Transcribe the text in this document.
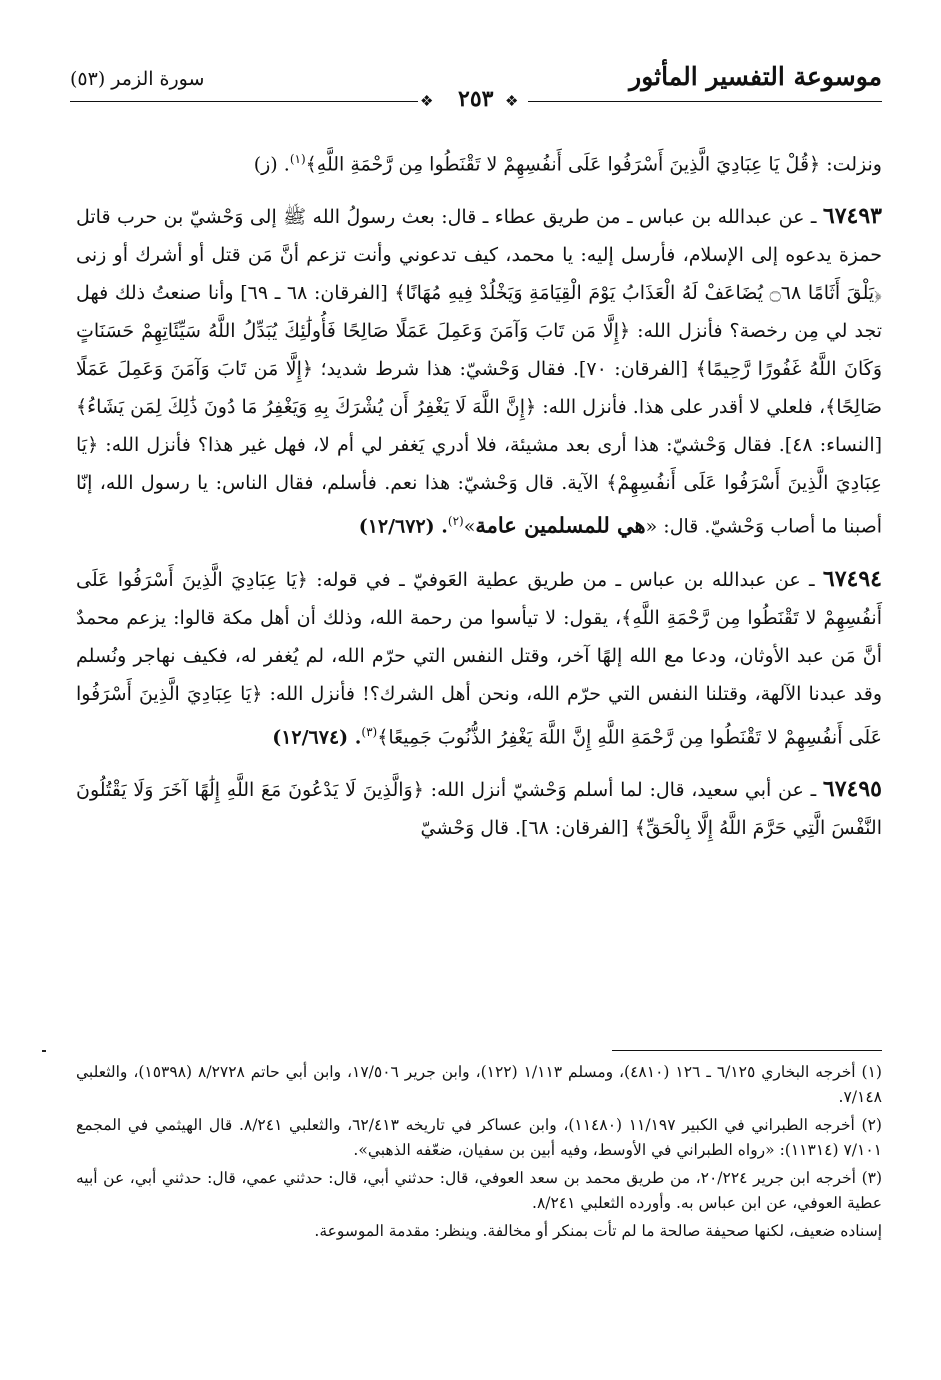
موسوعة التفسير المأثور
٢٥٣
سورة الزمر (٥٣)
❖	❖

ونزلت: ﴿قُلْ يَا عِبَادِيَ الَّذِينَ أَسْرَفُوا عَلَى أَنفُسِهِمْ لا تَقْنَطُوا مِن رَّحْمَةِ اللَّهِ﴾$^{(١)}$. (ز)

٦٧٤٩٣ ـ عن عبدالله بن عباس ـ من طريق عطاء ـ قال: بعث رسولُ الله ﷺ إلى وَحْشيّ بن حرب قاتل حمزة يدعوه إلى الإسلام، فأرسل إليه: يا محمد، كيف تدعوني وأنت تزعم أنَّ مَن قتل أو أشرك أو زنى ﴿يَلْقَ أَثَامًا ۝٦٨ يُضَاعَفْ لَهُ الْعَذَابُ يَوْمَ الْقِيَامَةِ وَيَخْلُدْ فِيهِ مُهَانًا﴾ [الفرقان: ٦٨ ـ ٦٩] وأنا صنعتُ ذلك فهل تجد لي مِن رخصة؟ فأنزل الله: ﴿إِلَّا مَن تَابَ وَآمَنَ وَعَمِلَ عَمَلًا صَالِحًا فَأُولَٰئِكَ يُبَدِّلُ اللَّهُ سَيِّئَاتِهِمْ حَسَنَاتٍ وَكَانَ اللَّهُ غَفُورًا رَّحِيمًا﴾ [الفرقان: ٧٠]. فقال وَحْشيّ: هذا شرط شديد؛ ﴿إِلَّا مَن تَابَ وَآمَنَ وَعَمِلَ عَمَلًا صَالِحًا﴾، فلعلي لا أقدر على هذا. فأنزل الله: ﴿إِنَّ اللَّهَ لَا يَغْفِرُ أَن يُشْرَكَ بِهِ وَيَغْفِرُ مَا دُونَ ذَٰلِكَ لِمَن يَشَاءُ﴾ [النساء: ٤٨]. فقال وَحْشيّ: هذا أرى بعد مشيئة، فلا أدري يَغفر لي أم لا، فهل غير هذا؟ فأنزل الله: ﴿يَا عِبَادِيَ الَّذِينَ أَسْرَفُوا عَلَى أَنفُسِهِمْ﴾ الآية. قال وَحْشيّ: هذا نعم. فأسلم، فقال الناس: يا رسول الله، إنّا أصبنا ما أصاب وَحْشيّ. قال: «هي للمسلمين عامة»$^{(٢)}$. (١٢/٦٧٢)

٦٧٤٩٤ ـ عن عبدالله بن عباس ـ من طريق عطية العَوفيّ ـ في قوله: ﴿يَا عِبَادِيَ الَّذِينَ أَسْرَفُوا عَلَى أَنفُسِهِمْ لا تَقْنَطُوا مِن رَّحْمَةِ اللَّهِ﴾، يقول: لا تيأسوا من رحمة الله، وذلك أن أهل مكة قالوا: يزعم محمدٌ أنَّ مَن عبد الأوثان، ودعا مع الله إلهًا آخر، وقتل النفس التي حرّم الله، لم يُغفر له، فكيف نهاجر ونُسلم وقد عبدنا الآلهة، وقتلنا النفس التي حرّم الله، ونحن أهل الشرك؟! فأنزل الله: ﴿يَا عِبَادِيَ الَّذِينَ أَسْرَفُوا عَلَى أَنفُسِهِمْ لا تَقْنَطُوا مِن رَّحْمَةِ اللَّهِ إِنَّ اللَّهَ يَغْفِرُ الذُّنُوبَ جَمِيعًا﴾$^{(٣)}$. (١٢/٦٧٤)

٦٧٤٩٥ ـ عن أبي سعيد، قال: لما أسلم وَحْشيّ أنزل الله: ﴿وَالَّذِينَ لَا يَدْعُونَ مَعَ اللَّهِ إِلَٰهًا آخَرَ وَلَا يَقْتُلُونَ النَّفْسَ الَّتِي حَرَّمَ اللَّهُ إِلَّا بِالْحَقِّ﴾ [الفرقان: ٦٨]. قال وَحْشيّ

(١) أخرجه البخاري ٦/١٢٥ ـ ١٢٦ (٤٨١٠)، ومسلم ١/١١٣ (١٢٢)، وابن جرير ١٧/٥٠٦، وابن أبي حاتم ٨/٢٧٢٨ (١٥٣٩٨)، والثعلبي ٧/١٤٨.

(٢) أخرجه الطبراني في الكبير ١١/١٩٧ (١١٤٨٠)، وابن عساكر في تاريخه ٦٢/٤١٣، والثعلبي ٨/٢٤١. قال الهيثمي في المجمع ٧/١٠١ (١١٣١٤): «رواه الطبراني في الأوسط، وفيه أبين بن سفيان، ضعّفه الذهبي».

(٣) أخرجه ابن جرير ٢٠/٢٢٤، من طريق محمد بن سعد العوفي، قال: حدثني أبي، قال: حدثني عمي، قال: حدثني أبي، عن أبيه عطية العوفي، عن ابن عباس به. وأورده الثعلبي ٨/٢٤١.

إسناده ضعيف، لكنها صحيفة صالحة ما لم تأت بمنكر أو مخالفة. وينظر: مقدمة الموسوعة.
